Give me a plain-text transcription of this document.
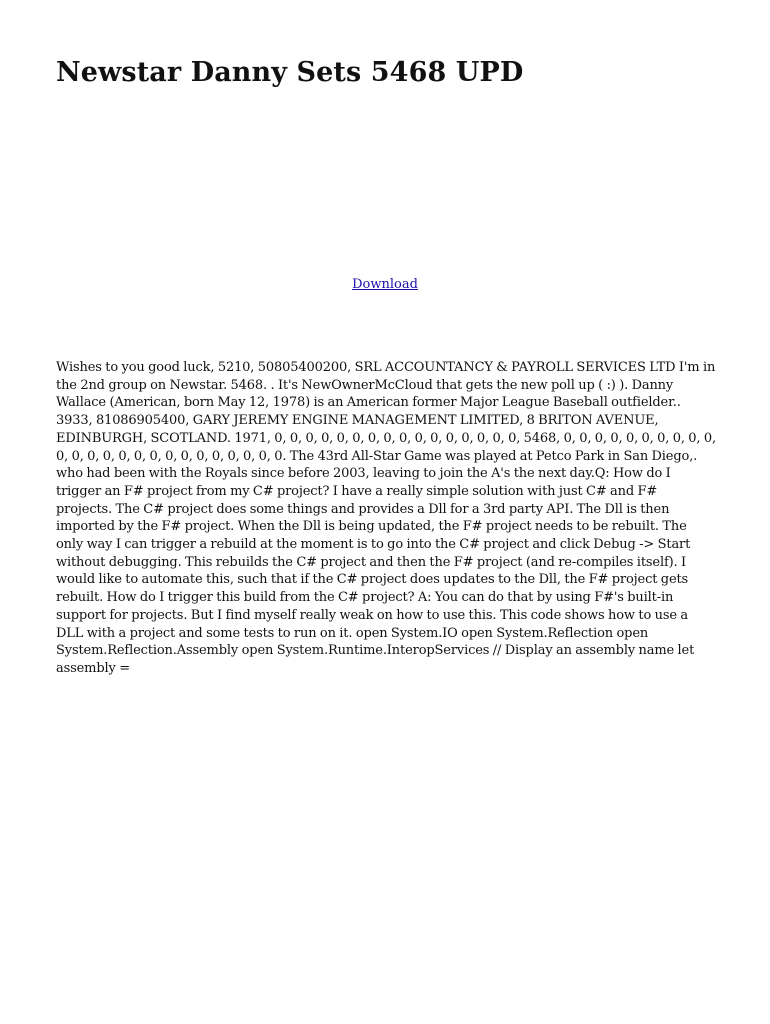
Newstar Danny Sets 5468 UPD
Download

Wishes to you good luck, 5210, 50805400200, SRL ACCOUNTANCY & PAYROLL SERVICES LTD I'm in the 2nd group on Newstar. 5468. . It's NewOwnerMcCloud that gets the new poll up ( :) ). Danny Wallace (American, born May 12, 1978) is an American former Major League Baseball outfielder.. 3933, 81086905400, GARY JEREMY ENGINE MANAGEMENT LIMITED, 8 BRITON AVENUE, EDINBURGH, SCOTLAND. 1971, 0, 0, 0, 0, 0, 0, 0, 0, 0, 0, 0, 0, 0, 0, 0, 0, 5468, 0, 0, 0, 0, 0, 0, 0, 0, 0, 0, 0, 0, 0, 0, 0, 0, 0, 0, 0, 0, 0, 0, 0, 0, 0. The 43rd All-Star Game was played at Petco Park in San Diego,. who had been with the Royals since before 2003, leaving to join the A's the next day.Q: How do I trigger an F# project from my C# project? I have a really simple solution with just C# and F# projects. The C# project does some things and provides a Dll for a 3rd party API. The Dll is then imported by the F# project. When the Dll is being updated, the F# project needs to be rebuilt. The only way I can trigger a rebuild at the moment is to go into the C# project and click Debug -> Start without debugging. This rebuilds the C# project and then the F# project (and re-compiles itself). I would like to automate this, such that if the C# project does updates to the Dll, the F# project gets rebuilt. How do I trigger this build from the C# project? A: You can do that by using F#'s built-in support for projects. But I find myself really weak on how to use this. This code shows how to use a DLL with a project and some tests to run on it. open System.IO open System.Reflection open System.Reflection.Assembly open System.Runtime.InteropServices // Display an assembly name let assembly =
